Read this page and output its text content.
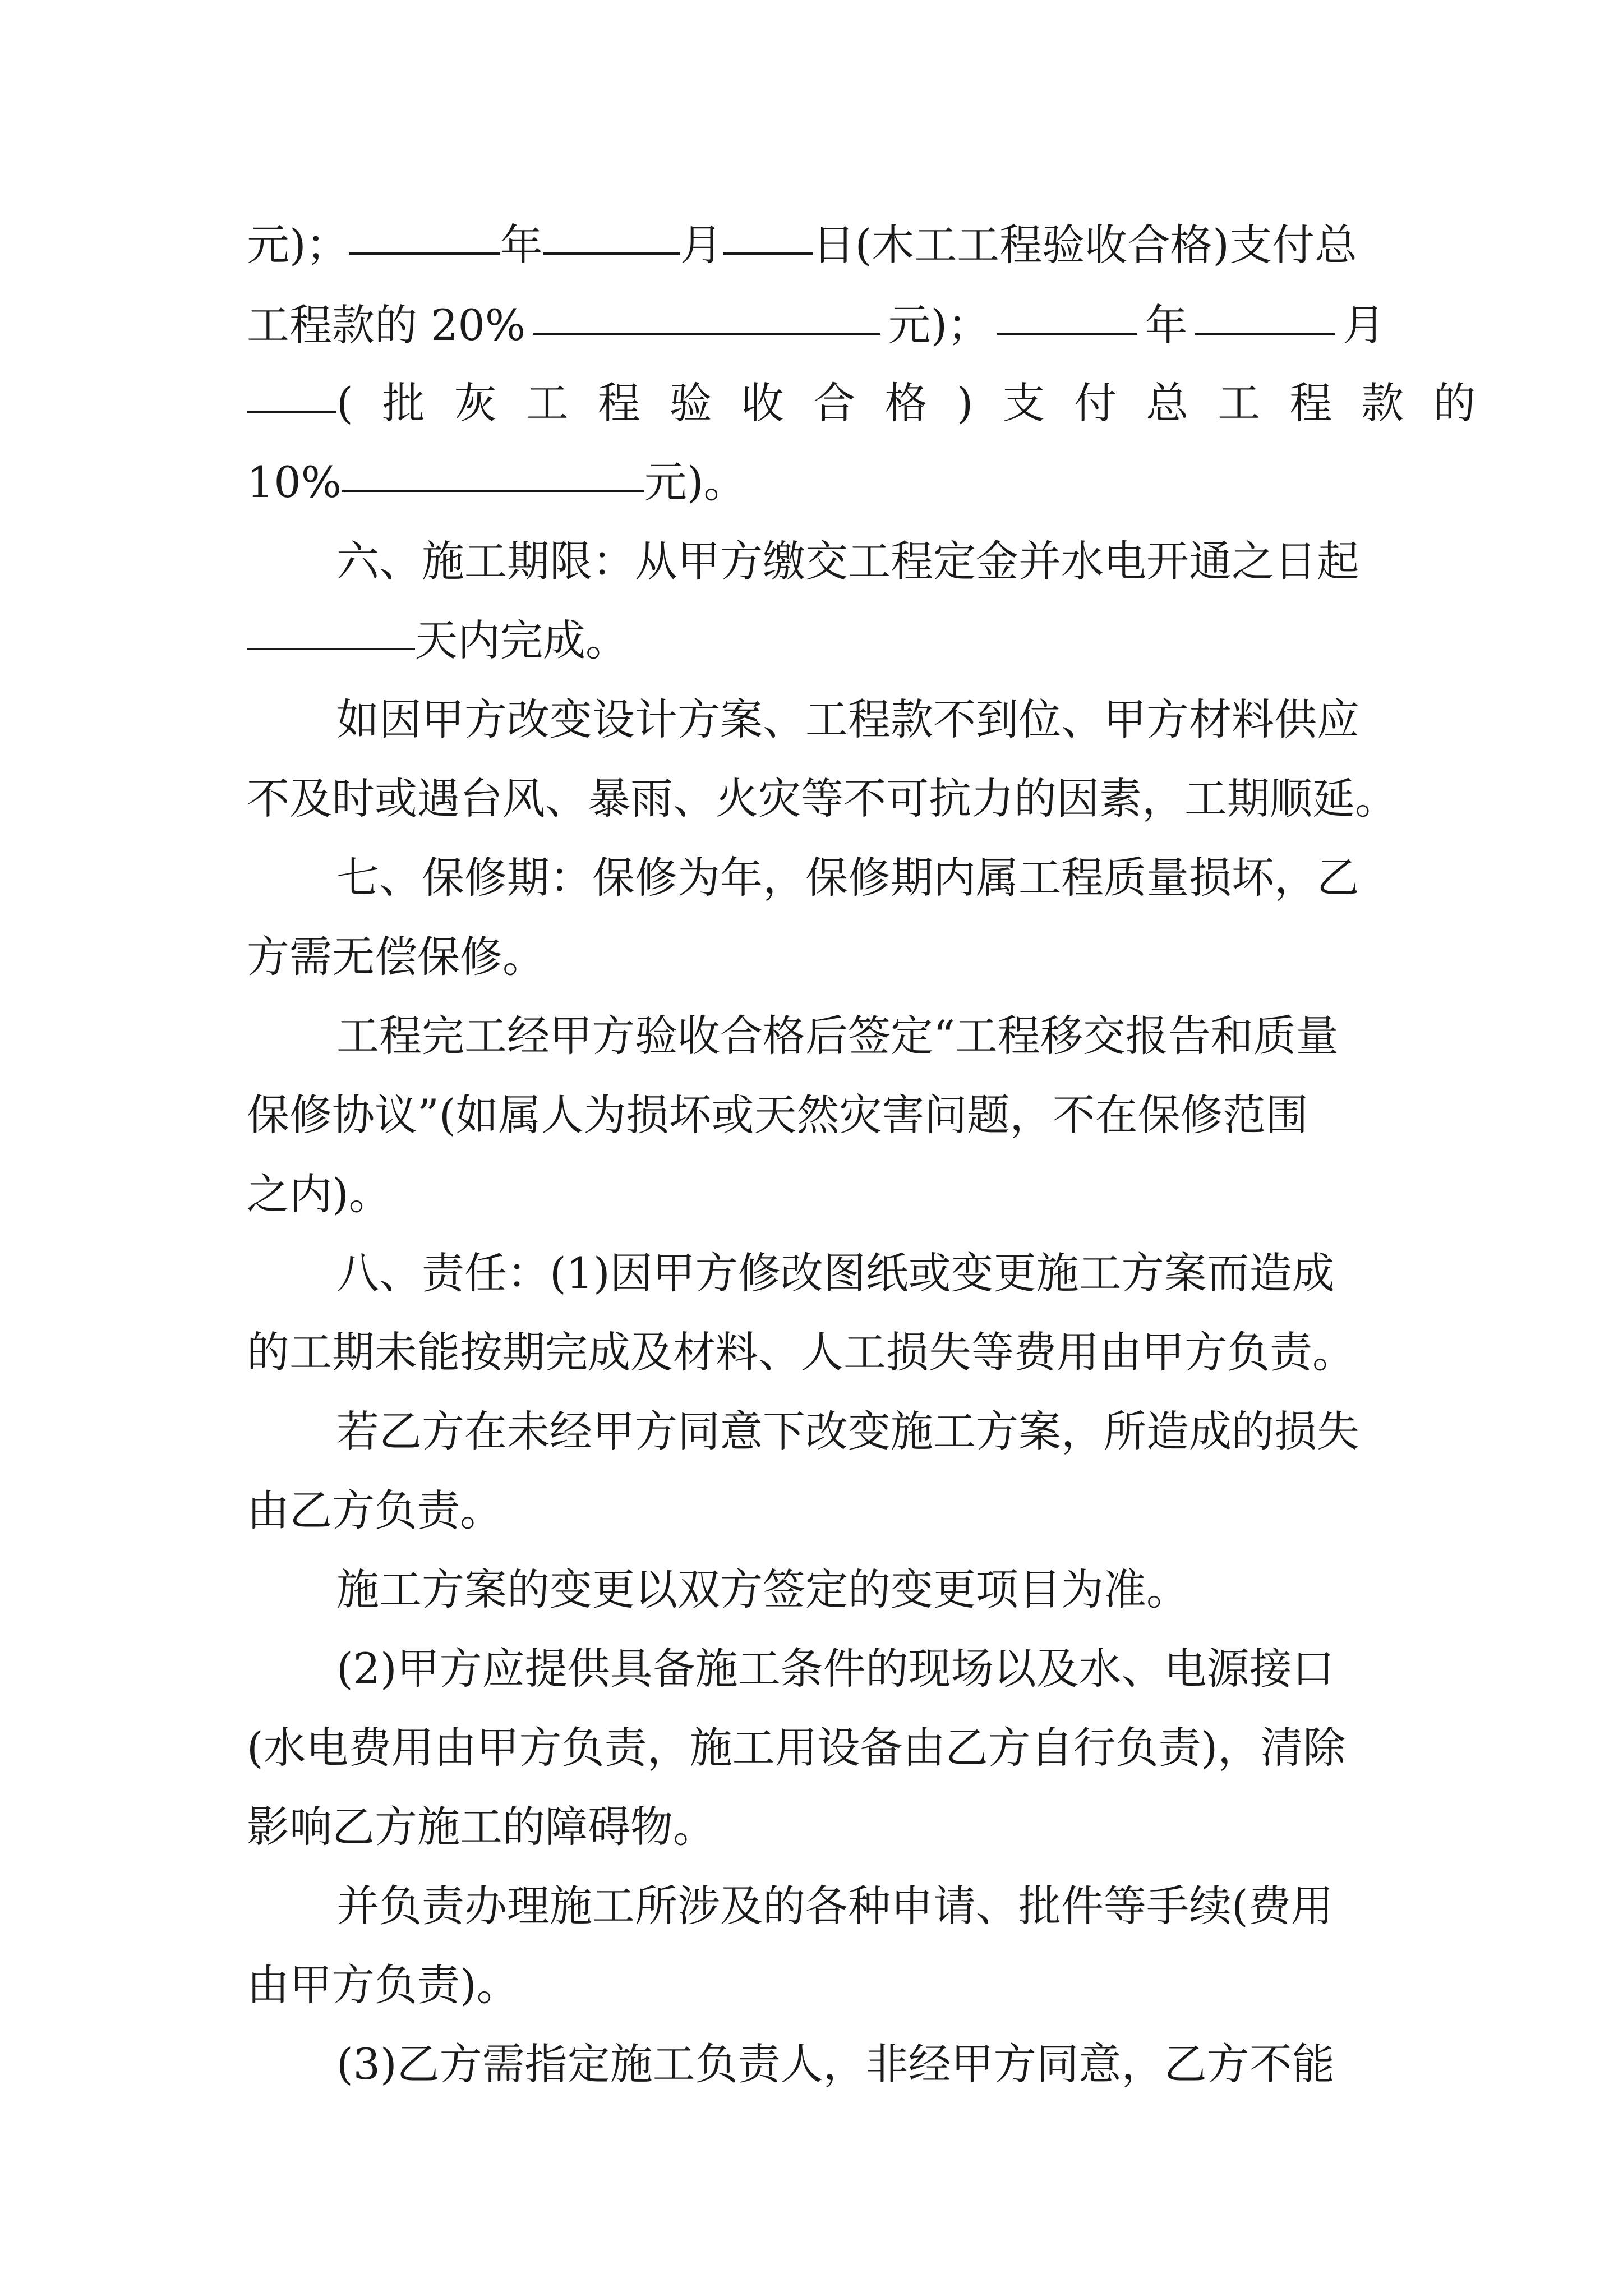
元)；	年	月 日(木工工程验收合格)支付总
工程款的 20%	元)；	年	月
(批灰工程验收合格)支付总工程款的
10%	元)。
六、施工期限：从甲方缴交工程定金并水电开通之日起
天内完成。
如因甲方改变设计方案、工程款不到位、甲方材料供应
不及时或遇台风、暴雨、火灾等不可抗力的因素，工期顺延。
七、保修期：保修为年，保修期内属工程质量损坏，乙
方需无偿保修。
工程完工经甲方验收合格后签定“工程移交报告和质量
保修协议”(如属人为损坏或天然灾害问题，不在保修范围
之内)。
八、责任：(1)因甲方修改图纸或变更施工方案而造成
的工期未能按期完成及材料、人工损失等费用由甲方负责。
若乙方在未经甲方同意下改变施工方案，所造成的损失
由乙方负责。
施工方案的变更以双方签定的变更项目为准。
(2)甲方应提供具备施工条件的现场以及水、电源接口
(水电费用由甲方负责，施工用设备由乙方自行负责)，清除
影响乙方施工的障碍物。
并负责办理施工所涉及的各种申请、批件等手续(费用
由甲方负责)。
(3)乙方需指定施工负责人，非经甲方同意，乙方不能
